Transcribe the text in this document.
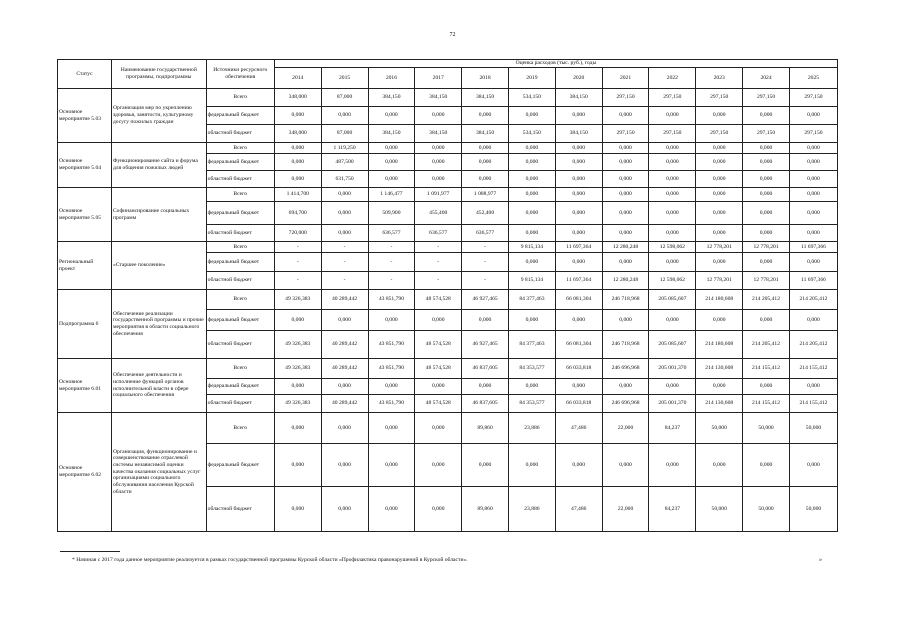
72
Статус	Наименование государственной программы, подпрограммы	Источники ресурсного обеспечения	Оценка расходов (тыс. руб.), годы											
			2014	2015	2016	2017	2018	2019	2020	2021	2022	2023	2024	2025
Основное мероприятие 5.03	Организация мер по укреплению здоровья, занятости, культурному досугу пожилых граждан	Всего	348,000	87,000	384,150	384,150	384,150	534,150	384,150	297,150	297,150	297,150	297,150	297,150
		федеральный бюджет	0,000	0,000	0,000	0,000	0,000	0,000	0,000	0,000	0,000	0,000	0,000	0,000
		областной бюджет	348,000	87,000	384,150	384,150	384,150	534,150	384,150	297,150	297,150	297,150	297,150	297,150
Основное мероприятие 5.04	Функционирование сайта и форума для общения пожилых людей	Всего	0,000	1 119,250	0,000	0,000	0,000	0,000	0,000	0,000	0,000	0,000	0,000	0,000
		федеральный бюджет	0,000	487,500	0,000	0,000	0,000	0,000	0,000	0,000	0,000	0,000	0,000	0,000
		областной бюджет	0,000	631,750	0,000	0,000	0,000	0,000	0,000	0,000	0,000	0,000	0,000	0,000
Основное мероприятие 5.05	Софинансирование социальных программ	Всего	1 414,700	0,000	1 146,477	1 091,977	1 088,977	0,000	0,000	0,000	0,000	0,000	0,000	0,000
		федеральный бюджет	694,700	0,000	509,900	455,400	452,400	0,000	0,000	0,000	0,000	0,000	0,000	0,000
		областной бюджет	720,000	0,000	636,577	636,577	636,577	0,000	0,000	0,000	0,000	0,000	0,000	0,000
Региональный проект	«Старшее поколение»	Всего	-	-	-	-	-	9 815,134	11 697,364	12 280,248	12 598,062	12 778,201	12 778,201	11 697,366
		федеральный бюджет	-	-	-	-	-	0,000	0,000	0,000	0,000	0,000	0,000	0,000
		областной бюджет	-	-	-	-	-	9 815,134	11 697,364	12 280,248	12 598,062	12 778,201	12 778,201	11 697,366
Подпрограмма 6	Обеспечение реализации государственной программы и прочие мероприятия в области социального обеспечения	Всего	49 326,383	40 289,442	43 851,790	48 574,528	46 927,465	84 377,463	66 081,304	246 718,968	205 085,607	214 180,608	214 205,412	214 205,412
		федеральный бюджет	0,000	0,000	0,000	0,000	0,000	0,000	0,000	0,000	0,000	0,000	0,000	0,000
		областной бюджет	49 326,383	40 289,442	43 851,790	48 574,528	46 927,465	84 377,463	66 081,304	246 718,968	205 085,607	214 180,608	214 205,412	214 205,412
Основное мероприятие 6.01	Обеспечение деятельности и исполнение функций органов исполнительной власти в сфере социального обеспечения	Всего	49 326,383	40 289,442	43 851,790	48 574,528	46 837,605	84 353,577	66 033,818	246 696,968	205 001,370	214 130,608	214 155,412	214 155,412
		федеральный бюджет	0,000	0,000	0,000	0,000	0,000	0,000	0,000	0,000	0,000	0,000	0,000	0,000
		областной бюджет	49 326,383	40 289,442	43 851,790	48 574,528	46 837,605	84 353,577	66 033,818	246 696,968	205 001,370	214 130,608	214 155,412	214 155,412
Основное мероприятие 6.02	Организация, функционирование и совершенствование отраслевой системы независимой оценки качества оказания социальных услуг организациями социального обслуживания населения Курской области	Всего	0,000	0,000	0,000	0,000	89,860	23,886	47,486	22,000	84,237	50,000	50,000	50,000
		федеральный бюджет	0,000	0,000	0,000	0,000	0,000	0,000	0,000	0,000	0,000	0,000	0,000	0,000
		областной бюджет	0,000	0,000	0,000	0,000	89,860	23,886	47,486	22,000	84,237	50,000	50,000	50,000
* Начиная с 2017 года данное мероприятие реализуется в рамках государственной программы Курской области «Профилактика правонарушений в Курской области».	»
